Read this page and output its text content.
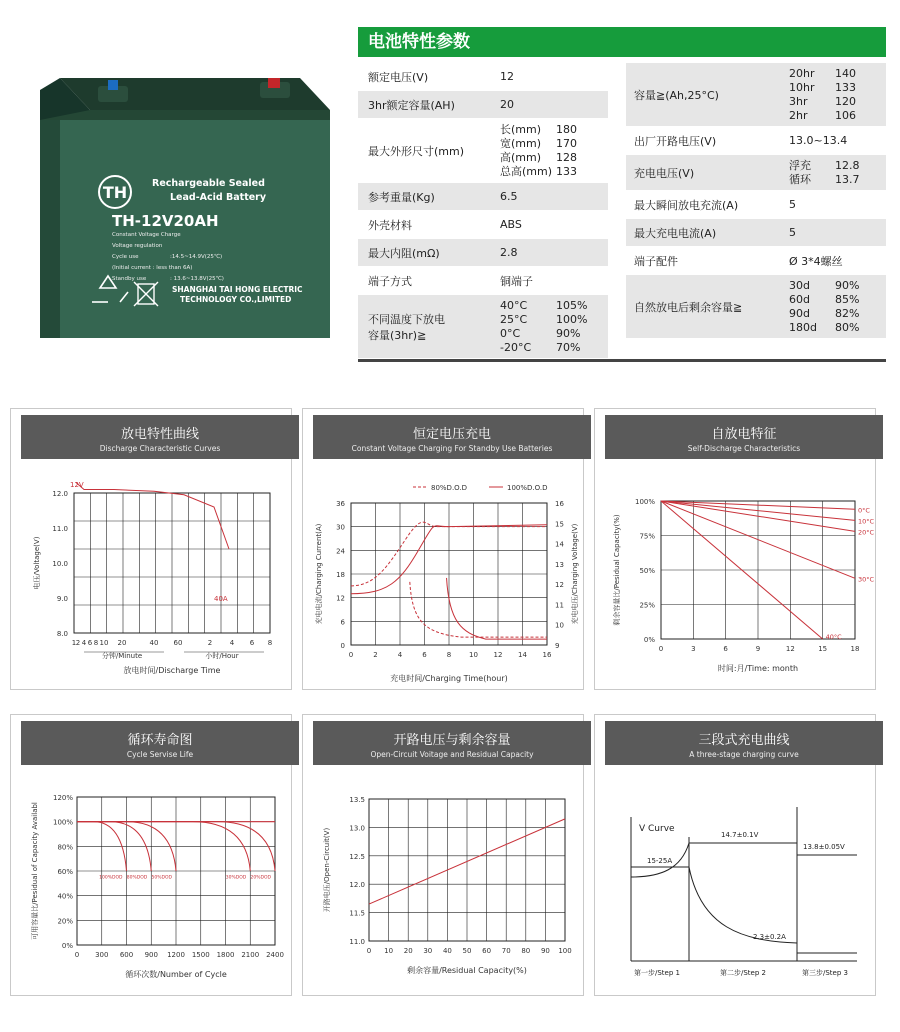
TH	Rechargeable Sealed
Lead-Acid Battery
TH-12V20AH
Constant Voltage Charge
Voltage regulation
Cycle use	:14.5~14.9V(25℃)
(Initial current : less than 6A)
Standby use	: 13.6~13.8V(25℃)
SHANGHAI TAI HONG ELECTRIC
TECHNOLOGY CO.,LIMITED
电池特性参数
额定电压(V)	12
3hr额定容量(AH)	20
最大外形尺寸(mm)
长(mm)	180
宽(mm)	170
高(mm)	128
总高(mm) 133
参考重量(Kg)	6.5
外壳材料	ABS
最大内阻(mΩ)	2.8
端子方式	铜端子
不同温度下放电
容量(3hr)≧
40°C	105%
25°C	100%
0°C	90%
-20°C	70%
容量≧(Ah,25°C)
20hr	140
10hr	133
3hr	120
2hr	106
出厂开路电压(V)	13.0~13.4
充电电压(V)
浮充	12.8
循环	13.7
最大瞬间放电充流(A)	5
最大充电电流(A)	5
端子配件	Ø 3*4螺丝
自然放电后剩余容量≧
30d	90%
60d	85%
90d	82%
180d	80%
放电特性曲线
Discharge Characteristic Curves
8.0
9.0
10.0
11.0
12.0
1 2 4 6 8 10 20	40 60	2	4 6 8
12V
40A
电压/Voltage(V)
分钟/Minute	小时/Hour
放电时间/Discharge Time
恒定电压充电
Constant Voltage Charging For Standby Use Batteries
0
6
12
18
24
30
36
9
10
11
12
13
14
15
16
0	2	4	6	8	10 12 14 16
80%D.O.D	100%D.O.D
充电电流/Charging Current(A)	充电电压/Charging Voltage(V)
充电时间/Charging Time(hour)
自放电特征
Self-Discharge Characteristics
0%
25%
50%
75%
100%
0	3	6	9	12	15	18
0°C
10°C
20°C
30°C
40°C
剩余容量比/Pesidual Capacity(%)
时间:月/Time: month
循环寿命图
Cycle Servise Life
0%
20%
40%
60%
80%
100%
120%
0 300 600 900 1200 1500 1800 2100 2400
100%DOD 80%DOD 50%DOD	30%DOD 20%DOD
可用容量比/Pesidual of Capacity Availabl
循环次数/Number of Cycle
开路电压与剩余容量
Open-Circuit Voitage and Residual Capacity
11.0
11.5
12.0
12.5
13.0
13.5
0 10 20 30 40 50 60 70 80 90 100
开路电压/Open-Circuit(V)
剩余容量/Residual Capacity(%)
三段式充电曲线
A three-stage charging curve
V Curve
14.7±0.1V
13.8±0.05V
15-25A
2.3±0.2A
第一步/Step 1	第二步/Step 2	第三步/Step 3
